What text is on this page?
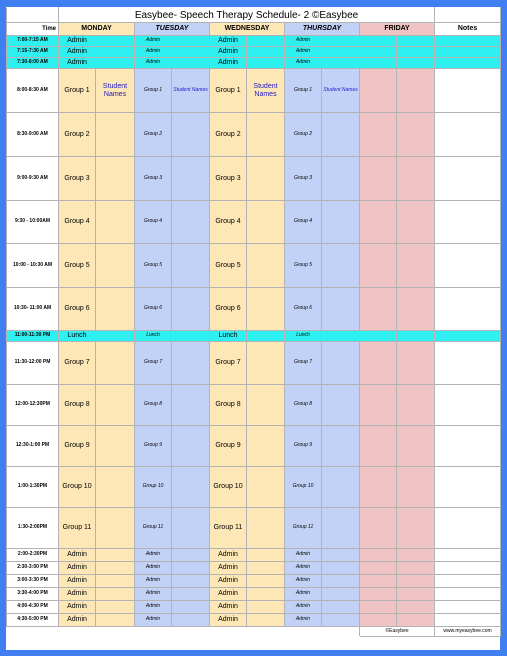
	Easybee- Speech Therapy Schedule- 2 ©Easybee										
Time	MONDAY		TUESDAY		WEDNESDAY		THURSDAY		FRIDAY		Notes
7:00-7:15 AM	Admin		Admin		Admin		Admin				
7:15-7:30 AM	Admin		Admin		Admin		Admin				
7:30-8:00 AM	Admin		Admin		Admin		Admin				
8:00-8:30 AM	Group 1	Student Names	Group 1	Student Names	Group 1	Student Names	Group 1	Student Names			
8:30-9:00 AM	Group 2		Group 2		Group 2		Group 2				
9:00-9:30 AM	Group 3		Group 3		Group 3		Group 3				
9:30 - 10:00AM	Group 4		Group 4		Group 4		Group 4				
10:00 - 10:30 AM	Group 5		Group 5		Group 5		Group 5				
10:30- 11:00 AM	Group 6		Group 6		Group 6		Group 6				
11:00-11:30 PM	Lunch		Lunch		Lunch		Lunch				
11:30-12:00 PM	Group 7		Group 7		Group 7		Group 7				
12:00-12:30PM	Group 8		Group 8		Group 8		Group 8				
12:30-1:00 PM	Group 9		Group 9		Group 9		Group 9				
1:00-1:30PM	Group 10		Group 10		Group 10		Group 10				
1:30-2:00PM	Group 11		Group 11		Group 11		Group 11				
2:00-2:30PM	Admin		Admin		Admin		Admin				
2:30-3:00 PM	Admin		Admin		Admin		Admin				
3:00-3:30 PM	Admin		Admin		Admin		Admin				
3:30-4:00 PM	Admin		Admin		Admin		Admin				
4:00-4:30 PM	Admin		Admin		Admin		Admin				
4:30-5:00 PM	Admin		Admin		Admin		Admin				
									©Easybee		www.myeasybee.com
